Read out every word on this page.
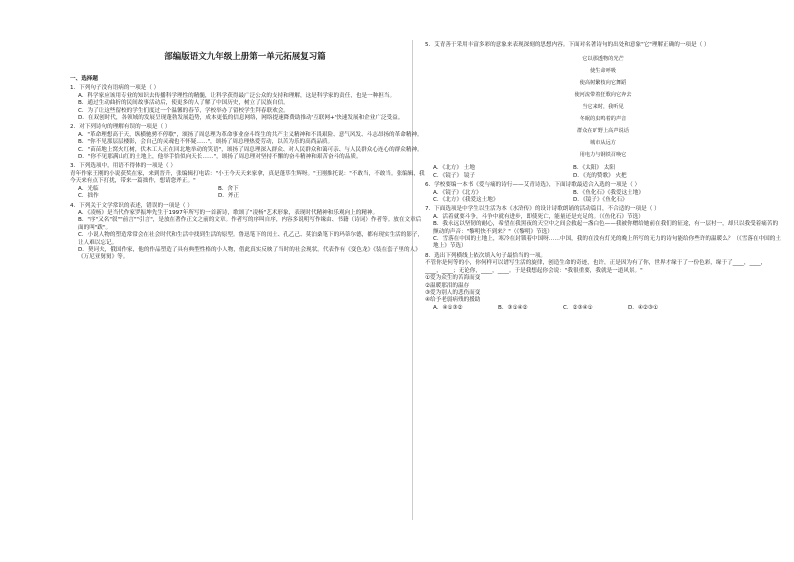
部编版语文九年级上册第一单元拓展复习篇
一、选择题
1．下列句子没有语病的一项是（ ）
A．科学家应该用专业的知识去传播科学理性的精髓，让科学获得最广泛公众的支持和理解，这是科学家的责任，也是一种担当。
B．通过生动曲折的民间故事活动后，使更多的人了解了中国历史，树立了民族自信。
C．为了让这些留校的学生们度过一个温馨的春节，学校举办了留校学生拜春联欢会。
D．在双创时代，各领域的发展呈现蓬勃发展趋势，成本更低的信息网络，网络提速降费助推动'互联网+'快速发展和企业广泛受益。
2．对下列诗句的理解有误的一项是（ ）
A．"革命理想高于天，纵横驰骋不停歇"，颂扬了周总理为革命事业奋斗终生的共产主义精神和不畏艰险、意气风发、斗志昂扬的革命精神。
B．"你不见那层层楼影，会自己的灵魂也不怀疑……"，颂扬了周总理热爱劳动，以苦为乐的高尚品质。
C．"苗苗地上窝火红树，伏木工人正在回北地举动的笑语"，颂扬了周总理深入群众、对人民群众和蔼可亲、与人民群众心连心的群众精神。
D．"你不见那满山红的土地上，他举手恰似向天长……"，颂扬了周总理对坚持不懈的奋斗精神和艰苦奋斗的品质。
3．下列选项中，用语不得体的一项是（ ）
青年作家王刚的小说获奖在家，来到晋升，张编辑打电话："小王今天天来家拿，真是蓬荜生辉呀。"王刚推托说："不敢当，不敢当。张编辑，我今天来有点下打扰，带来一篇拙作，想请您斧正。"
A．光临	B．舍下
C．拙作	D．斧正
4．下列关于文学常识的表述，错误的一项是（ ）
A．《凌杨》是当代作家罗振坤先生于1997年所写的一首新诗，歌颂了"凌杨"艺术形象，表现时代精神和乐观向上的精神。
B．"序"又名"叙""前言""引言"，是放在著作正文之前的文章。作者写的序叫自序，内容多说明写作缘由、书籍（诗词）作者等。放在文章后面的叫"跋"。
C．小说人物的塑造常常会在社会时代和生活中找到生活的原型。鲁迅笔下的闰土、孔乙己、莫泊桑笔下的玛蒂尔德，都有现实生活的影子，让人难以忘记。
D．契诃夫，俄国作家，他的作品塑造了具有典型性格的小人物，借此真实反映了当时的社会现状。代表作有《变色龙》《装在套子里的人》《万尼亚舅舅》等。
5．艾青善于采用丰富多彩的意象来表现深刻的思想内容。下面对名著诗句的出处和意象"它"理解正确的一项是（ ）
它以那透物的光芒
使生命呼吸
使高树繁枝向它舞蹈
使河流带着狂歌向它奔去
当它来时，我听见
冬眠的虫鸣着的声音
群众在旷野上高声说话
城市从远方
用电力与钢铁召唤它
A．《北方》 土地	B．《太阳》 太阳
C．《镜子》 镜子	D．《光的赞歌》 火把
6．学校要编一本书《爱与痛的诗行——艾青诗选》，下面诗歌最适合入选的一项是（ ）
A．《镜子》《北方》	B．《鱼化石》《我爱这土地》
C．《北方》《我爱这土地》	D．《镜子》《鱼化石》
7．下面选项是中学生以生活为本《水浒传》的设计诗歌朗诵的活动篇目，不合适的一项是（ ）
A．活着就要斗争，斗争中就有进步，即使死亡，能量还是充足的。（《鱼化石》节选）
B．我永远以坚韧的耐心，希望在我黑夜的天空中之间会救起一盏白色——我被你赠给她前在我们的征途，有一层衬一，却只以我受着痛苦的颤动的声音："黎明快不到来？"（《黎明》节选）
C．雪落在中国的土地上，寒冷在封锁着中国呀……中国，我的在没有灯光的晚上所写的无力的诗句能给你些许的温暖么？（《雪落在中国的土地上》节选）
8．选出下列横线上依次填入句子最恰当的一项。
不管你是何等的小，你何样可以谱写生活的旋律，创造生命的奇迹，也许，正是因为有了你，世界才缘于了一份色彩，缘于了____，____，____，____；无论你，____，____。于是我想起你会说："我很重要，我就是一道风景。"
①爱为众生的苦海而变
②温暖那泪的温存
③爱为别人的悲伤而变
④给予老弱病残的援助
A．④①③②	B．③①④②	C．②③④①	D．④②③①
